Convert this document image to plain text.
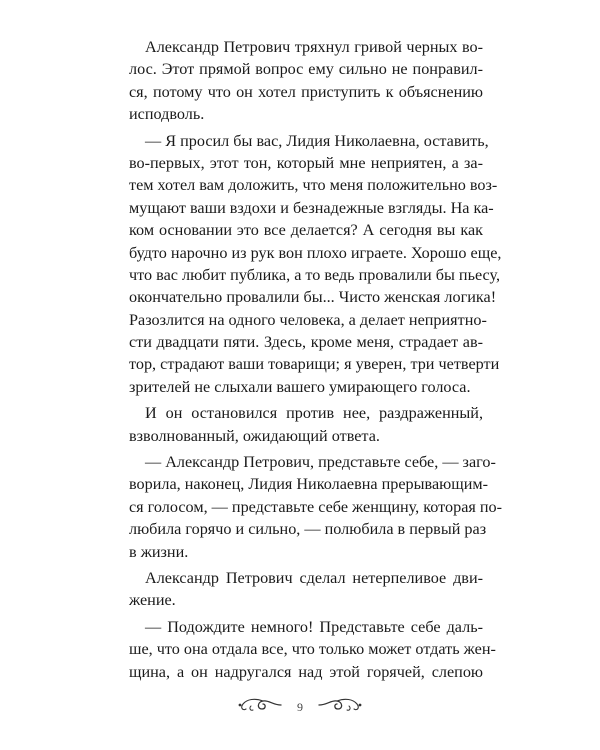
Александр Петрович тряхнул гривой черных во-
лос. Этот прямой вопрос ему сильно не понравил-
ся, потому что он хотел приступить к объяснению
исподволь.
— Я просил бы вас, Лидия Николаевна, оставить,
во-первых, этот тон, который мне неприятен, а за-
тем хотел вам доложить, что меня положительно воз-
мущают ваши вздохи и безнадежные взгляды. На ка-
ком основании это все делается? А сегодня вы как
будто нарочно из рук вон плохо играете. Хорошо еще,
что вас любит публика, а то ведь провалили бы пьесу,
окончательно провалили бы... Чисто женская логика!
Разозлится на одного человека, а делает неприятно-
сти двадцати пяти. Здесь, кроме меня, страдает ав-
тор, страдают ваши товарищи; я уверен, три четверти
зрителей не слыхали вашего умирающего голоса.
И он остановился против нее, раздраженный,
взволнованный, ожидающий ответа.
— Александр Петрович, представьте себе, — заго-
ворила, наконец, Лидия Николаевна прерывающим-
ся голосом, — представьте себе женщину, которая по-
любила горячо и сильно, — полюбила в первый раз
в жизни.
Александр Петрович сделал нетерпеливое дви-
жение.
— Подождите немного! Представьте себе даль-
ше, что она отдала все, что только может отдать жен-
щина, а он надругался над этой горячей, слепою
9
